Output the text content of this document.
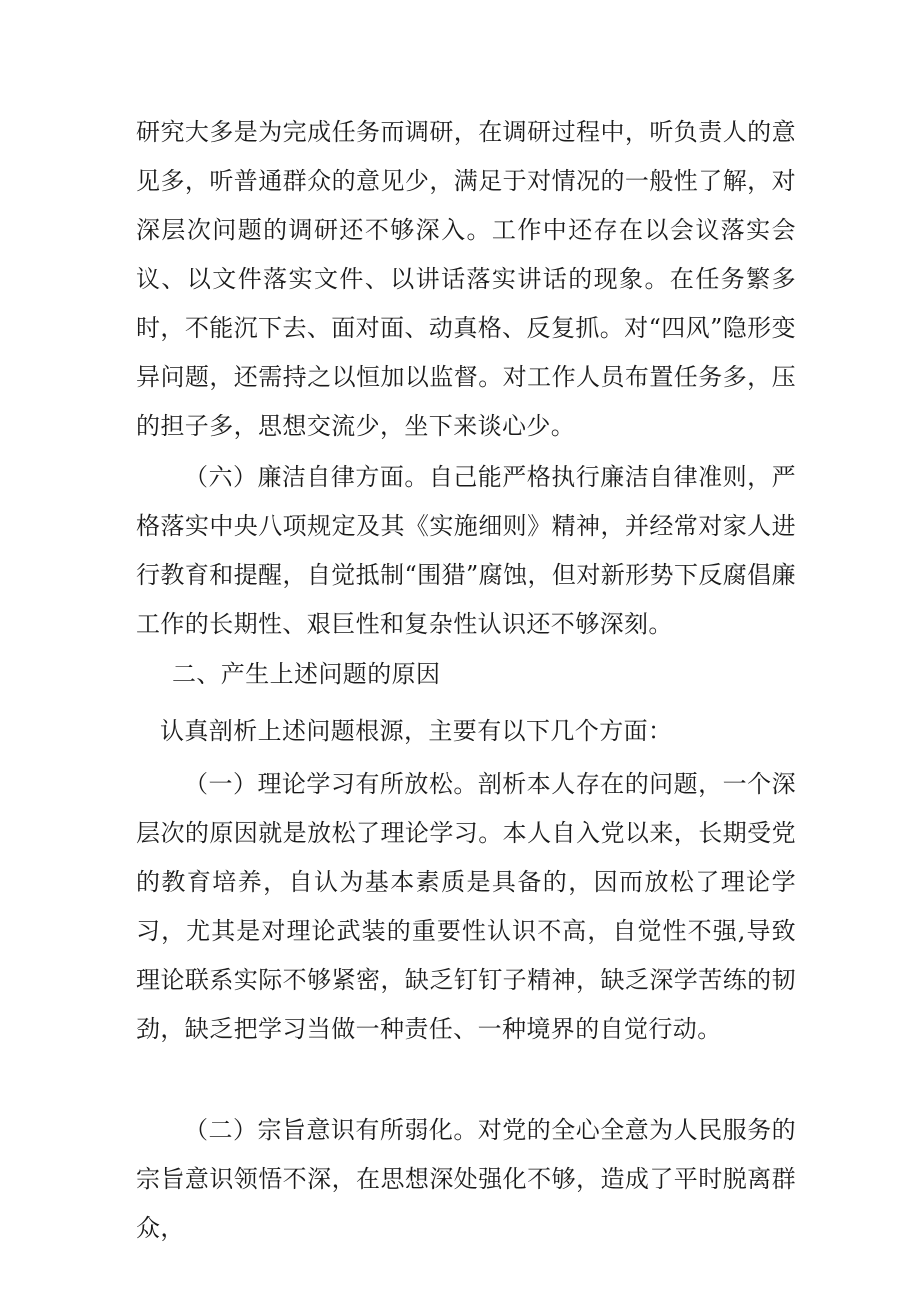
研究大多是为完成任务而调研，在调研过程中，听负责人的意见多，听普通群众的意见少，满足于对情况的一般性了解，对深层次问题的调研还不够深入。工作中还存在以会议落实会议、以文件落实文件、以讲话落实讲话的现象。在任务繁多时，不能沉下去、面对面、动真格、反复抓。对“四风”隐形变异问题，还需持之以恒加以监督。对工作人员布置任务多，压的担子多，思想交流少，坐下来谈心少。

（六）廉洁自律方面。自己能严格执行廉洁自律准则，严格落实中央八项规定及其《实施细则》精神，并经常对家人进行教育和提醒，自觉抵制“围猎”腐蚀，但对新形势下反腐倡廉工作的长期性、艰巨性和复杂性认识还不够深刻。

二、产生上述问题的原因

认真剖析上述问题根源，主要有以下几个方面：

（一）理论学习有所放松。剖析本人存在的问题，一个深层次的原因就是放松了理论学习。本人自入党以来，长期受党的教育培养，自认为基本素质是具备的，因而放松了理论学习，尤其是对理论武装的重要性认识不高，自觉性不强,导致理论联系实际不够紧密，缺乏钉钉子精神，缺乏深学苦练的韧劲，缺乏把学习当做一种责任、一种境界的自觉行动。

（二）宗旨意识有所弱化。对党的全心全意为人民服务的宗旨意识领悟不深，在思想深处强化不够，造成了平时脱离群众，
